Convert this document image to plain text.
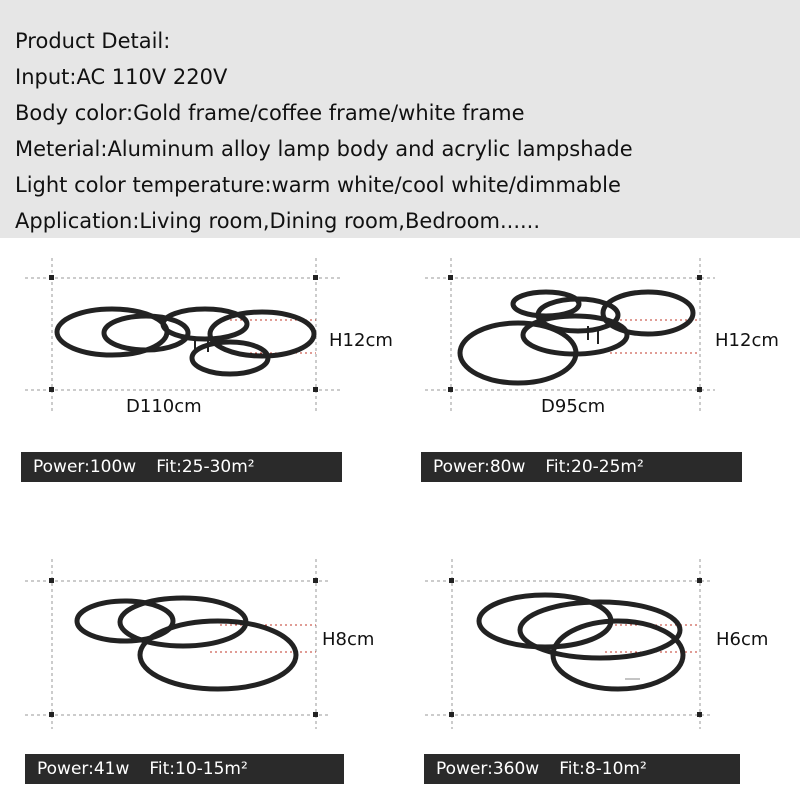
Product Detail:
Input:AC 110V 220V
Body color:Gold frame/coffee frame/white frame
Meterial:Aluminum alloy lamp body and acrylic lampshade
Light color temperature:warm white/cool white/dimmable
Application:Living room,Dining room,Bedroom......
H12cm
D110cm
Power:100w Fit:25-30m²
H12cm
D95cm
Power:80w Fit:20-25m²
H8cm
Power:41w Fit:10-15m²
H6cm
Power:360w Fit:8-10m²
